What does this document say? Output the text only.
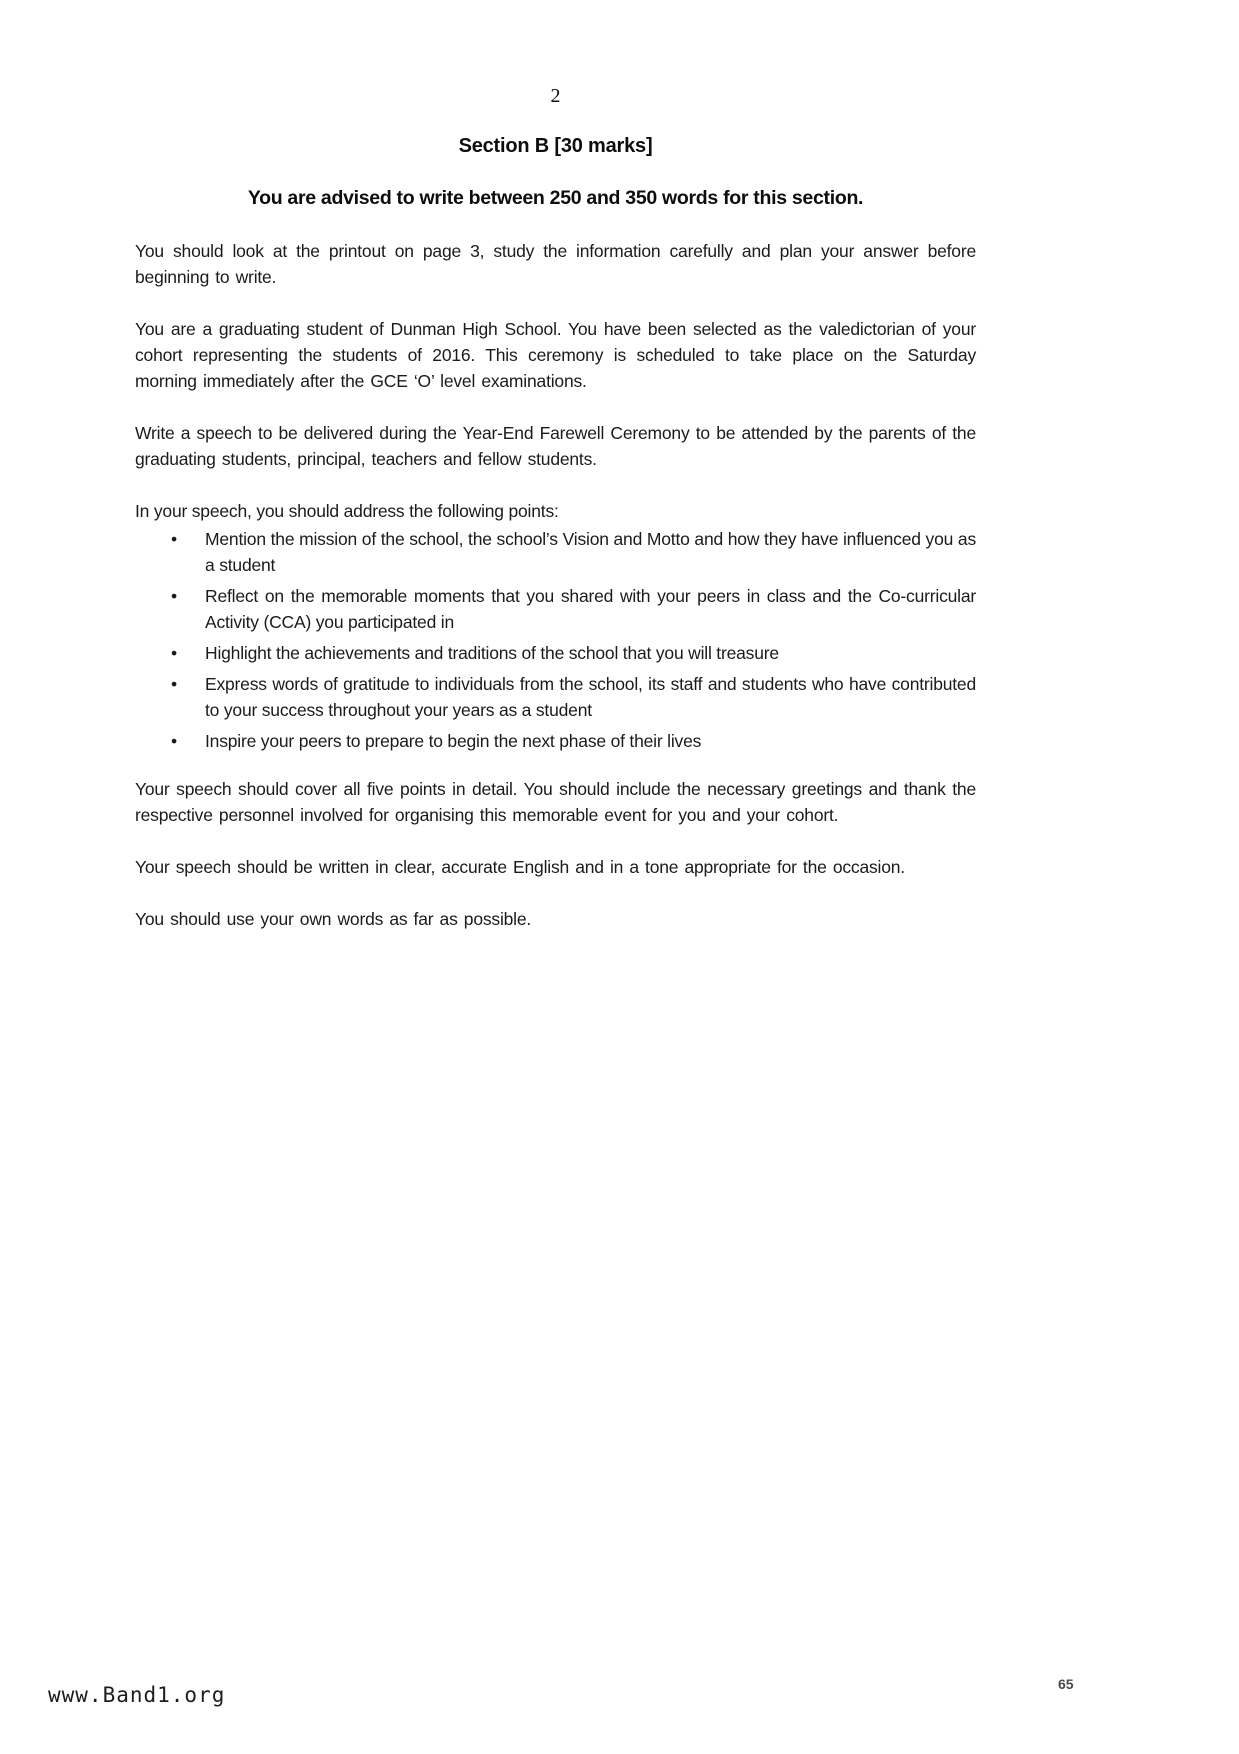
2
Section B [30 marks]
You are advised to write between 250 and 350 words for this section.

You should look at the printout on page 3, study the information carefully and plan your answer before beginning to write.

You are a graduating student of Dunman High School. You have been selected as the valedictorian of your cohort representing the students of 2016. This ceremony is scheduled to take place on the Saturday morning immediately after the GCE ‘O’ level examinations.

Write a speech to be delivered during the Year-End Farewell Ceremony to be attended by the parents of the graduating students, principal, teachers and fellow students.

In your speech, you should address the following points:

• Mention the mission of the school, the school’s Vision and Motto and how they have influenced you as a student
• Reflect on the memorable moments that you shared with your peers in class and the Co-curricular Activity (CCA) you participated in
• Highlight the achievements and traditions of the school that you will treasure
• Express words of gratitude to individuals from the school, its staff and students who have contributed to your success throughout your years as a student
• Inspire your peers to prepare to begin the next phase of their lives

Your speech should cover all five points in detail. You should include the necessary greetings and thank the respective personnel involved for organising this memorable event for you and your cohort.

Your speech should be written in clear, accurate English and in a tone appropriate for the occasion.

You should use your own words as far as possible.

www.Band1.org	65
